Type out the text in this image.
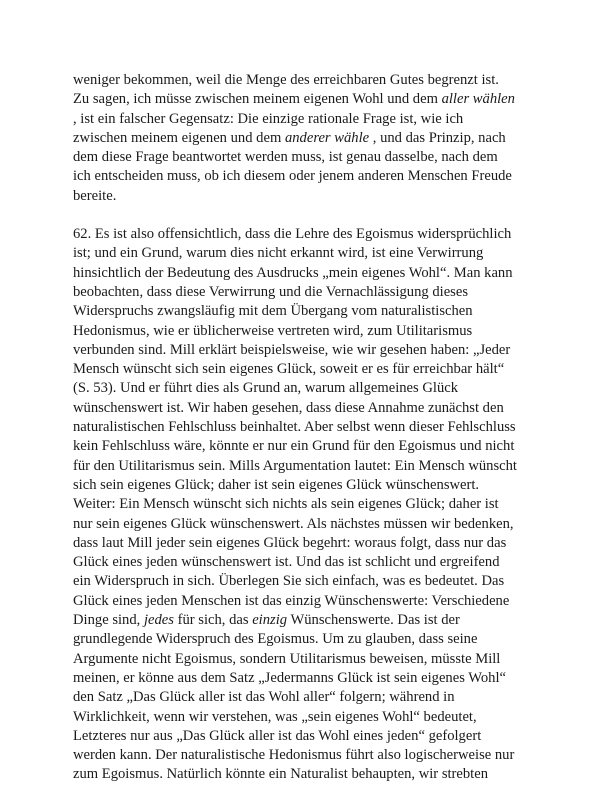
weniger bekommen, weil die Menge des erreichbaren Gutes begrenzt ist.
Zu sagen, ich müsse zwischen meinem eigenen Wohl und dem aller wählen
, ist ein falscher Gegensatz: Die einzige rationale Frage ist, wie ich
zwischen meinem eigenen und dem anderer wähle , und das Prinzip, nach
dem diese Frage beantwortet werden muss, ist genau dasselbe, nach dem
ich entscheiden muss, ob ich diesem oder jenem anderen Menschen Freude
bereite.
62. Es ist also offensichtlich, dass die Lehre des Egoismus widersprüchlich
ist; und ein Grund, warum dies nicht erkannt wird, ist eine Verwirrung
hinsichtlich der Bedeutung des Ausdrucks „mein eigenes Wohl“. Man kann
beobachten, dass diese Verwirrung und die Vernachlässigung dieses
Widerspruchs zwangsläufig mit dem Übergang vom naturalistischen
Hedonismus, wie er üblicherweise vertreten wird, zum Utilitarismus
verbunden sind. Mill erklärt beispielsweise, wie wir gesehen haben: „Jeder
Mensch wünscht sich sein eigenes Glück, soweit er es für erreichbar hält“
(S. 53). Und er führt dies als Grund an, warum allgemeines Glück
wünschenswert ist. Wir haben gesehen, dass diese Annahme zunächst den
naturalistischen Fehlschluss beinhaltet. Aber selbst wenn dieser Fehlschluss
kein Fehlschluss wäre, könnte er nur ein Grund für den Egoismus und nicht
für den Utilitarismus sein. Mills Argumentation lautet: Ein Mensch wünscht
sich sein eigenes Glück; daher ist sein eigenes Glück wünschenswert.
Weiter: Ein Mensch wünscht sich nichts als sein eigenes Glück; daher ist
nur sein eigenes Glück wünschenswert. Als nächstes müssen wir bedenken,
dass laut Mill jeder sein eigenes Glück begehrt: woraus folgt, dass nur das
Glück eines jeden wünschenswert ist. Und das ist schlicht und ergreifend
ein Widerspruch in sich. Überlegen Sie sich einfach, was es bedeutet. Das
Glück eines jeden Menschen ist das einzig Wünschenswerte: Verschiedene
Dinge sind, jedes für sich, das einzig Wünschenswerte. Das ist der
grundlegende Widerspruch des Egoismus. Um zu glauben, dass seine
Argumente nicht Egoismus, sondern Utilitarismus beweisen, müsste Mill
meinen, er könne aus dem Satz „Jedermanns Glück ist sein eigenes Wohl“
den Satz „Das Glück aller ist das Wohl aller“ folgern; während in
Wirklichkeit, wenn wir verstehen, was „sein eigenes Wohl“ bedeutet,
Letzteres nur aus „Das Glück aller ist das Wohl eines jeden“ gefolgert
werden kann. Der naturalistische Hedonismus führt also logischerweise nur
zum Egoismus. Natürlich könnte ein Naturalist behaupten, wir strebten
